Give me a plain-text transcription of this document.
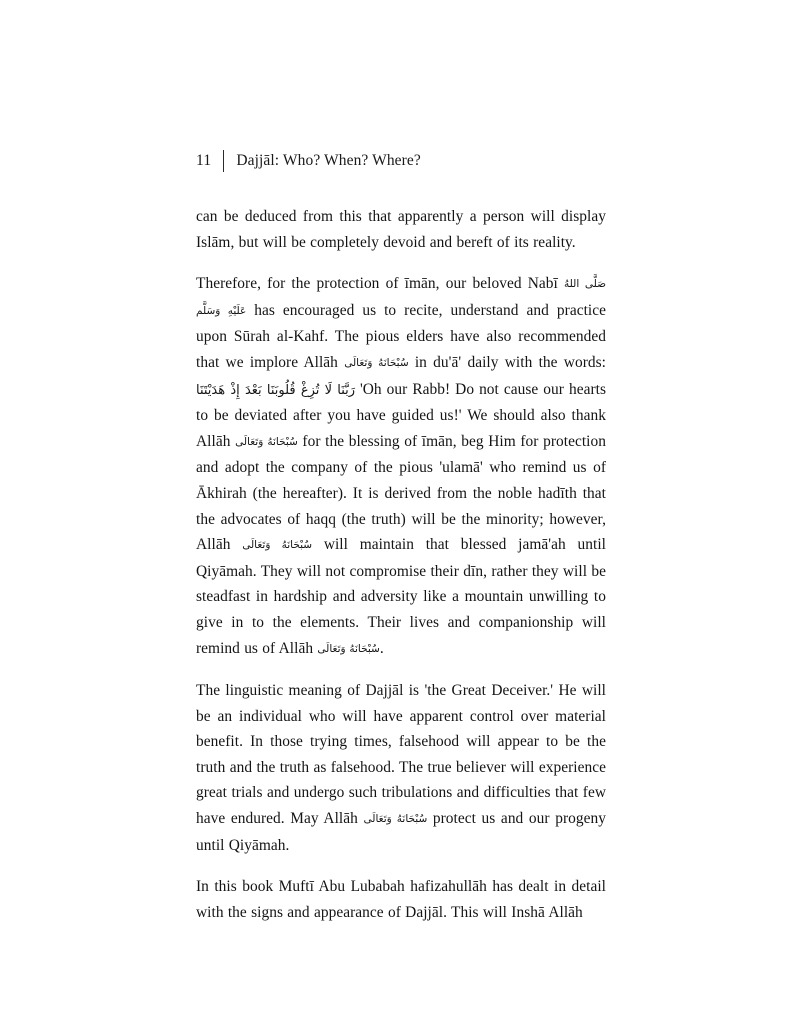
11	Dajjāl: Who? When? Where?

can be deduced from this that apparently a person will display Islām, but will be completely devoid and bereft of its reality.

Therefore, for the protection of īmān, our beloved Nabī صَلَّى اللهُ عَلَيْهِ وَسَلَّم has encouraged us to recite, understand and practice upon Sūrah al-Kahf. The pious elders have also recommended that we implore Allāh سُبْحَانَهُ وَتَعَالَى in du'ā' daily with the words: رَبَّنَا لَا تُزِغْ قُلُوبَنَا بَعْدَ إِذْ هَدَيْتَنَا 'Oh our Rabb! Do not cause our hearts to be deviated after you have guided us!' We should also thank Allāh سُبْحَانَهُ وَتَعَالَى for the blessing of īmān, beg Him for protection and adopt the company of the pious 'ulamā' who remind us of Ākhirah (the hereafter). It is derived from the noble hadīth that the advocates of haqq (the truth) will be the minority; however, Allāh سُبْحَانَهُ وَتَعَالَى will maintain that blessed jamā'ah until Qiyāmah. They will not compromise their dīn, rather they will be steadfast in hardship and adversity like a mountain unwilling to give in to the elements. Their lives and companionship will remind us of Allāh سُبْحَانَهُ وَتَعَالَى.

The linguistic meaning of Dajjāl is 'the Great Deceiver.' He will be an individual who will have apparent control over material benefit. In those trying times, falsehood will appear to be the truth and the truth as falsehood. The true believer will experience great trials and undergo such tribulations and difficulties that few have endured. May Allāh سُبْحَانَهُ وَتَعَالَى protect us and our progeny until Qiyāmah.

In this book Muftī Abu Lubabah hafizahullāh has dealt in detail with the signs and appearance of Dajjāl. This will Inshā Allāh
